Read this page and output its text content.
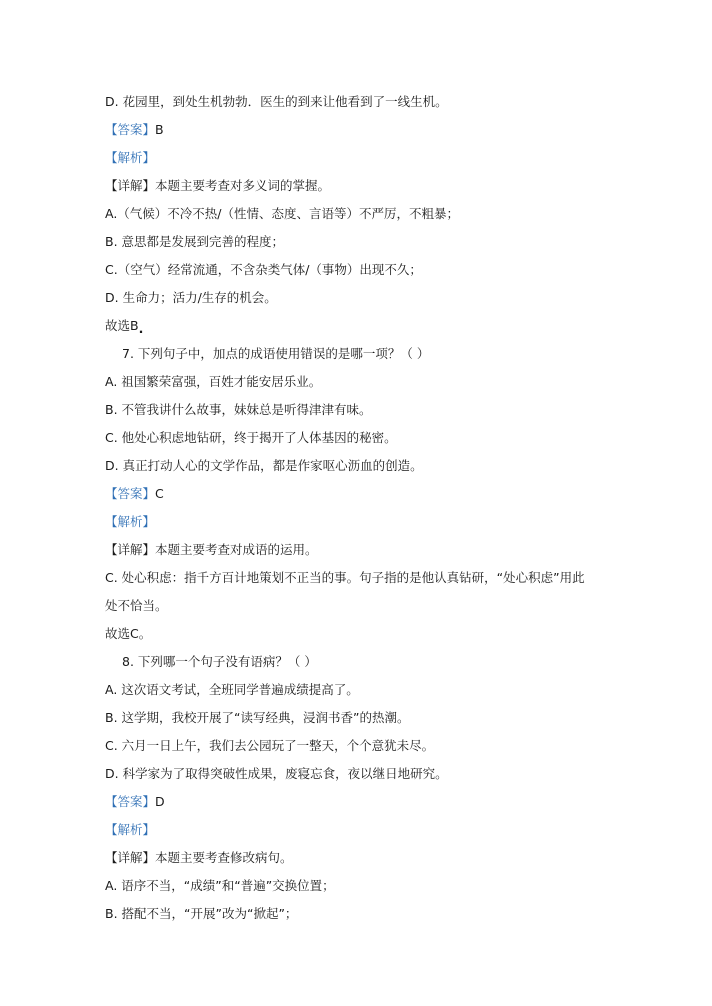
D. 花园里，到处生机勃勃．医生的到来让他看到了一线生机。
【答案】B
【解析】
【详解】本题主要考查对多义词的掌握。
A.（气候）不冷不热/（性情、态度、言语等）不严厉，不粗暴；
B. 意思都是发展到完善的程度；
C.（空气）经常流通，不含杂类气体/（事物）出现不久；
D. 生命力；活力/生存的机会。
故选B.
7. 下列句子中，加点的成语使用错误的是哪一项？（ ）
A. 祖国繁荣富强，百姓才能安居乐业。
B. 不管我讲什么故事，妹妹总是听得津津有味。
C. 他处心积虑地钻研，终于揭开了人体基因的秘密。
D. 真正打动人心的文学作品，都是作家呕心沥血的创造。
【答案】C
【解析】
【详解】本题主要考查对成语的运用。
C. 处心积虑：指千方百计地策划不正当的事。句子指的是他认真钻研，“处心积虑”用此
处不恰当。
故选C。
8. 下列哪一个句子没有语病？（ ）
A. 这次语文考试，全班同学普遍成绩提高了。
B. 这学期，我校开展了“读写经典，浸润书香”的热潮。
C. 六月一日上午，我们去公园玩了一整天，个个意犹未尽。
D. 科学家为了取得突破性成果，废寝忘食，夜以继日地研究。
【答案】D
【解析】
【详解】本题主要考查修改病句。
A. 语序不当，“成绩”和“普遍”交换位置；
B. 搭配不当，“开展”改为“掀起”；
